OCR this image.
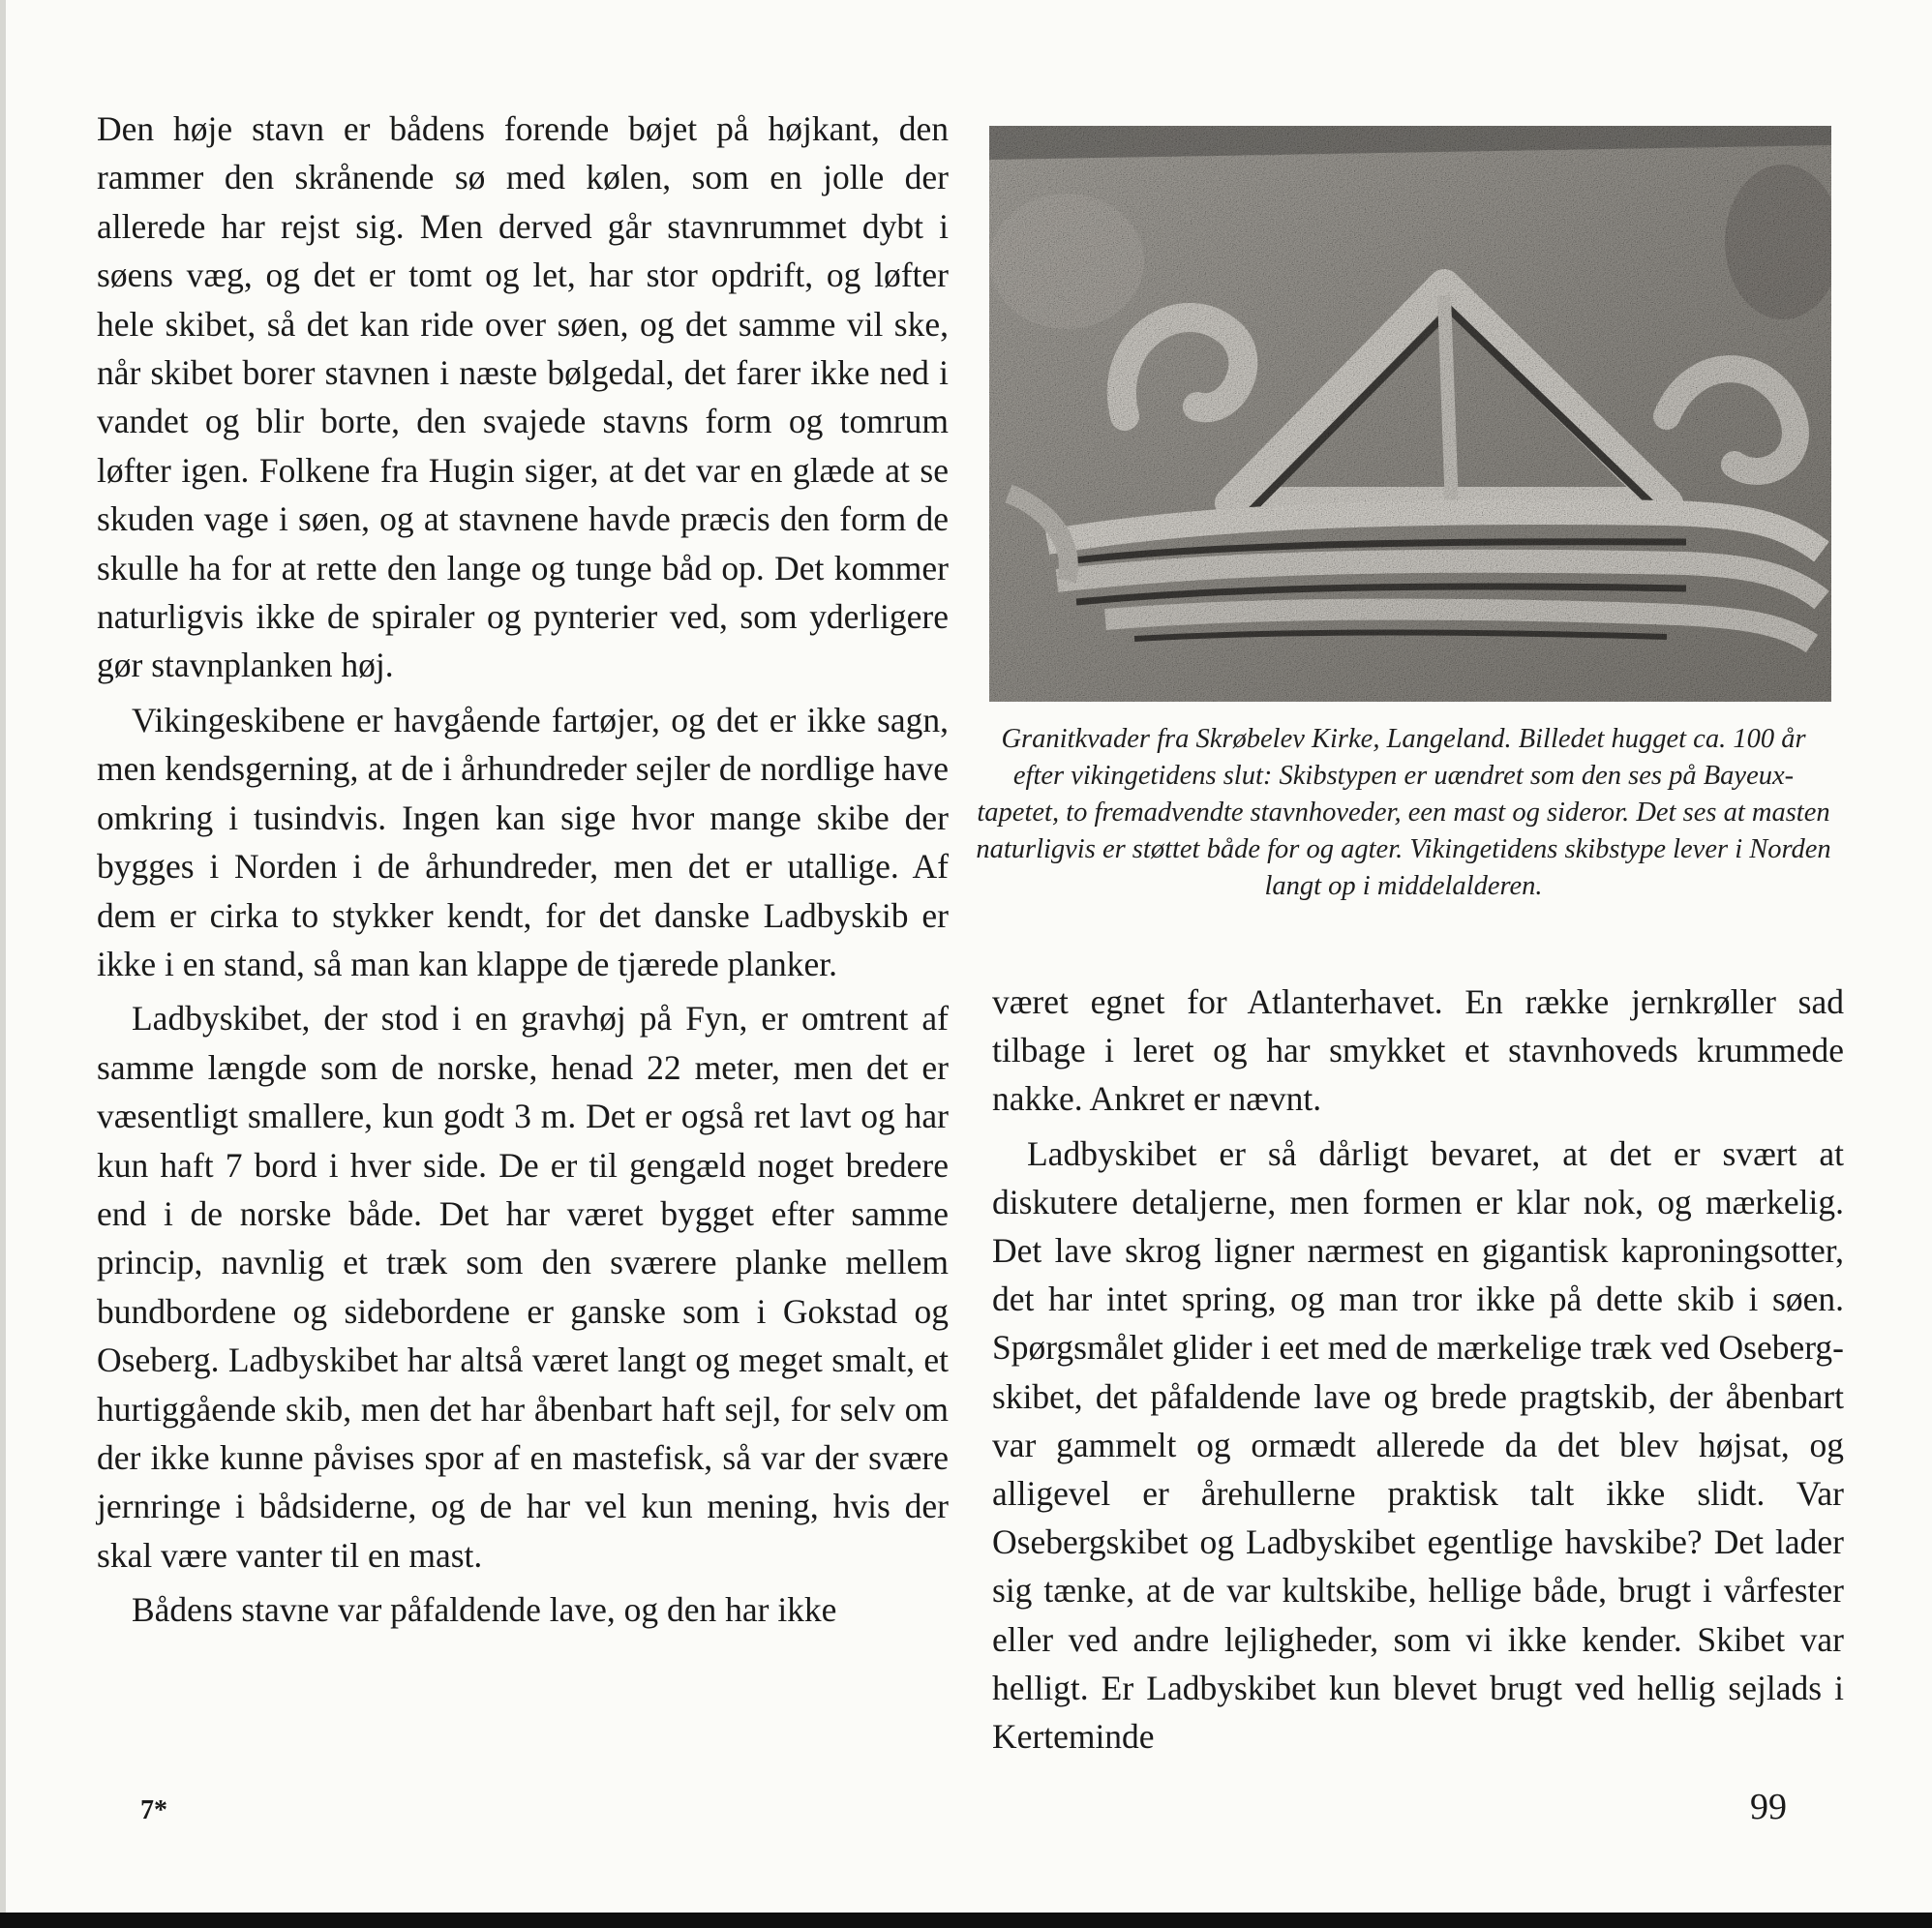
Den høje stavn er bådens forende bøjet på højkant, den rammer den skrånende sø med kølen, som en jolle der allerede har rejst sig. Men derved går stavnrummet dybt i søens væg, og det er tomt og let, har stor opdrift, og løfter hele skibet, så det kan ride over søen, og det samme vil ske, når skibet borer stavnen i næste bølgedal, det farer ikke ned i vandet og blir borte, den svajede stavns form og tomrum løfter igen. Folkene fra Hugin siger, at det var en glæde at se skuden vage i søen, og at stavnene havde præcis den form de skulle ha for at rette den lange og tunge båd op. Det kommer naturligvis ikke de spiraler og pynterier ved, som yderligere gør stavnplanken høj.

Vikingeskibene er havgående fartøjer, og det er ikke sagn, men kendsgerning, at de i århundreder sejler de nordlige have omkring i tusindvis. Ingen kan sige hvor mange skibe der bygges i Norden i de århundreder, men det er utallige. Af dem er cirka to stykker kendt, for det danske Ladbyskib er ikke i en stand, så man kan klappe de tjærede planker.

Ladbyskibet, der stod i en gravhøj på Fyn, er omtrent af samme længde som de norske, henad 22 meter, men det er væsentligt smallere, kun godt 3 m. Det er også ret lavt og har kun haft 7 bord i hver side. De er til gengæld noget bredere end i de norske både. Det har været bygget efter samme princip, navnlig et træk som den sværere planke mellem bundbordene og sidebordene er ganske som i Gokstad og Oseberg. Ladbyskibet har altså været langt og meget smalt, et hurtiggående skib, men det har åbenbart haft sejl, for selv om der ikke kunne påvises spor af en mastefisk, så var der svære jernringe i bådsiderne, og de har vel kun mening, hvis der skal være vanter til en mast.

Bådens stavne var påfaldende lave, og den har ikke

Granitkvader fra Skrøbelev Kirke, Langeland. Billedet hugget ca. 100 år efter vikingetidens slut: Skibstypen er uændret som den ses på Bayeux-tapetet, to fremadvendte stavnhoveder, een mast og sideror. Det ses at masten naturligvis er støttet både for og agter. Vikingetidens skibstype lever i Norden langt op i middelalderen.

været egnet for Atlanterhavet. En række jernkrøller sad tilbage i leret og har smykket et stavnhoveds krummede nakke. Ankret er nævnt.

Ladbyskibet er så dårligt bevaret, at det er svært at diskutere detaljerne, men formen er klar nok, og mærkelig. Det lave skrog ligner nærmest en gigantisk kaproningsotter, det har intet spring, og man tror ikke på dette skib i søen. Spørgsmålet glider i eet med de mærkelige træk ved Oseberg-skibet, det påfaldende lave og brede pragtskib, der åbenbart var gammelt og ormædt allerede da det blev højsat, og alligevel er årehullerne praktisk talt ikke slidt. Var Osebergskibet og Ladbyskibet egentlige havskibe? Det lader sig tænke, at de var kultskibe, hellige både, brugt i vårfester eller ved andre lejligheder, som vi ikke kender. Skibet var helligt. Er Ladbyskibet kun blevet brugt ved hellig sejlads i Kerteminde

7*	99
